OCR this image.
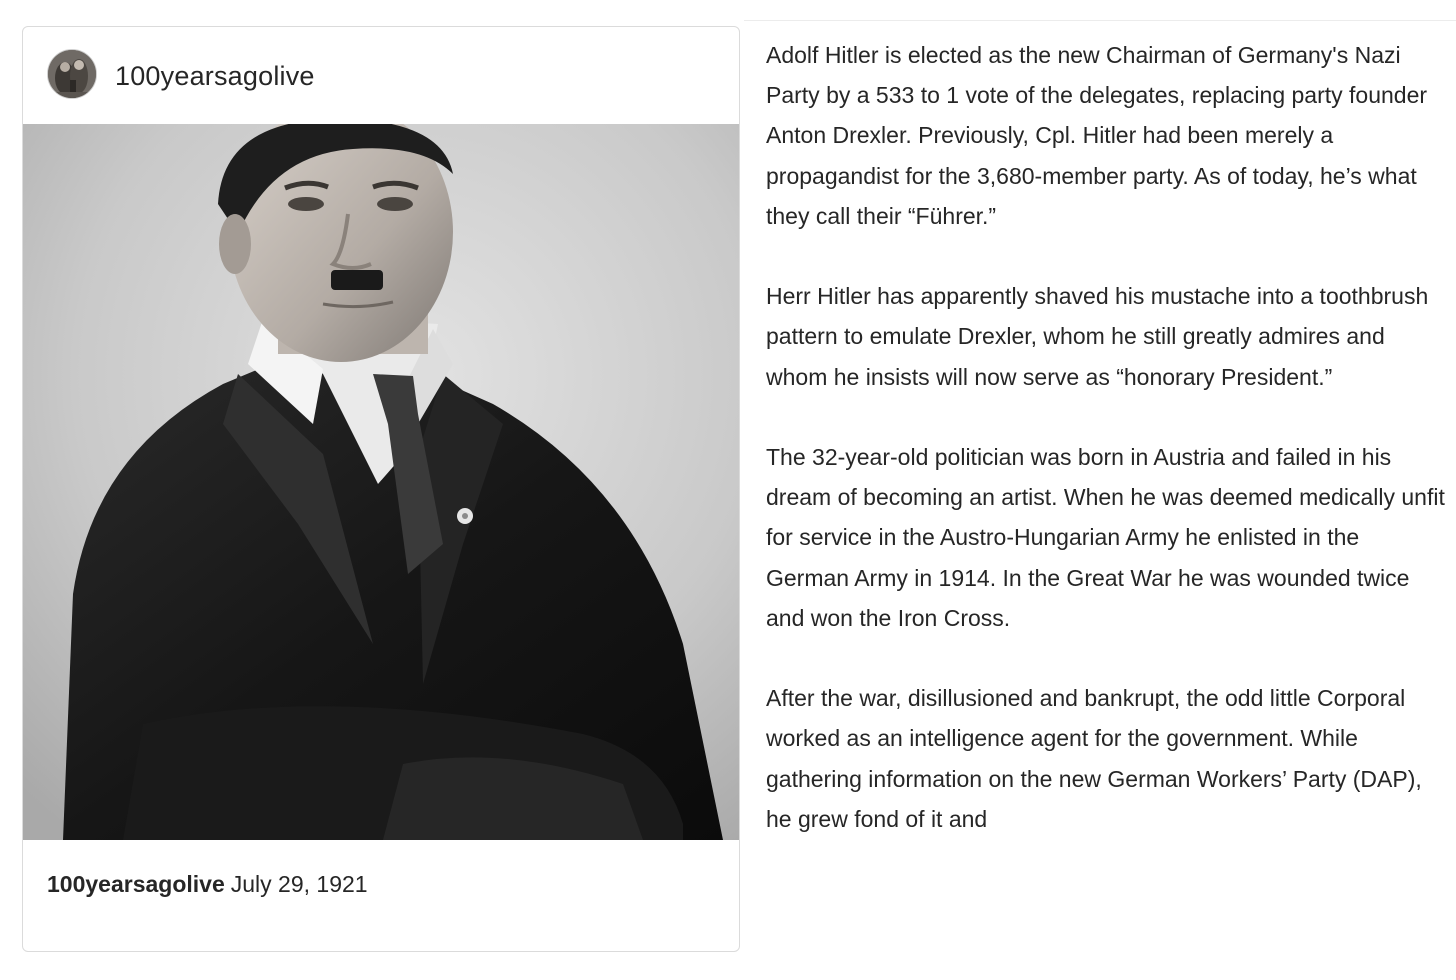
100yearsagolive
100yearsagolive July 29, 1921

Adolf Hitler is elected as the new Chairman of Germany's Nazi Party by a 533 to 1 vote of the delegates, replacing party founder Anton Drexler. Previously, Cpl. Hitler had been merely a propagandist for the 3,680-member party. As of today, he’s what they call their “Führer.”

Herr Hitler has apparently shaved his mustache into a toothbrush pattern to emulate Drexler, whom he still greatly admires and whom he insists will now serve as “honorary President.”

The 32-year-old politician was born in Austria and failed in his dream of becoming an artist. When he was deemed medically unfit for service in the Austro-Hungarian Army he enlisted in the German Army in 1914. In the Great War he was wounded twice and won the Iron Cross.

After the war, disillusioned and bankrupt, the odd little Corporal worked as an intelligence agent for the government. While gathering information on the new German Workers’ Party (DAP), he grew fond of it and
